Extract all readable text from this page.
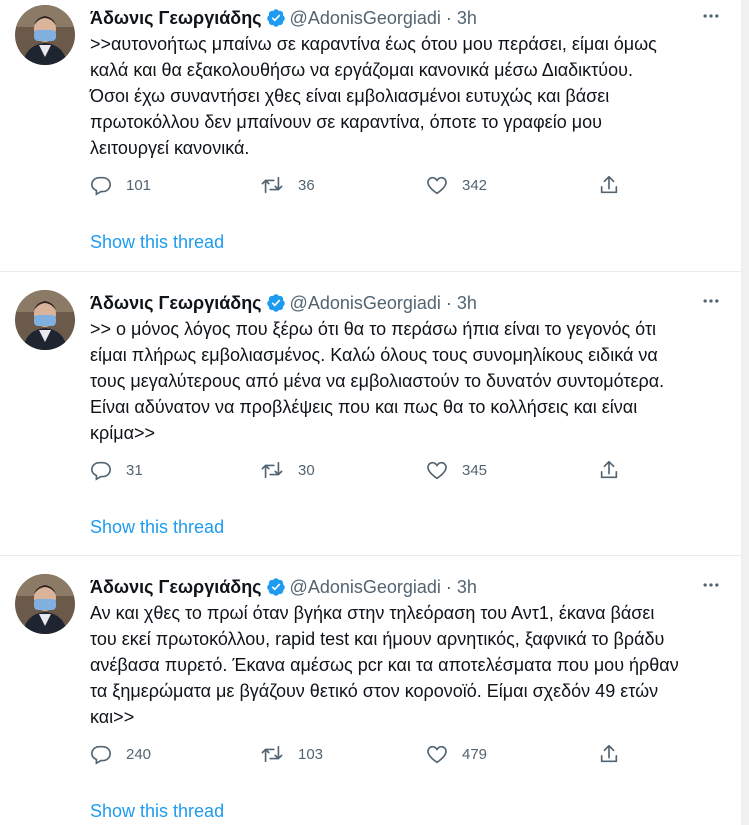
Άδωνις Γεωργιάδης @AdonisGeorgiadi · 3h
>>αυτονοήτως μπαίνω σε καραντίνα έως ότου μου περάσει, είμαι όμως
καλά και θα εξακολουθήσω να εργάζομαι κανονικά μέσω Διαδικτύου.
Όσοι έχω συναντήσει χθες είναι εμβολιασμένοι ευτυχώς και βάσει
πρωτοκόλλου δεν μπαίνουν σε καραντίνα, όποτε το γραφείο μου
λειτουργεί κανονικά.
101	36	342
Show this thread
Άδωνις Γεωργιάδης @AdonisGeorgiadi · 3h
>> ο μόνος λόγος που ξέρω ότι θα το περάσω ήπια είναι το γεγονός ότι
είμαι πλήρως εμβολιασμένος. Καλώ όλους τους συνομηλίκους ειδικά να
τους μεγαλύτερους από μένα να εμβολιαστούν το δυνατόν συντομότερα.
Είναι αδύνατον να προβλέψεις που και πως θα το κολλήσεις και είναι
κρίμα>>
31	30	345
Show this thread
Άδωνις Γεωργιάδης @AdonisGeorgiadi · 3h
Αν και χθες το πρωί όταν βγήκα στην τηλεόραση του Αντ1, έκανα βάσει
του εκεί πρωτοκόλλου, rapid test και ήμουν αρνητικός, ξαφνικά το βράδυ
ανέβασα πυρετό. Έκανα αμέσως pcr και τα αποτελέσματα που μου ήρθαν
τα ξημερώματα με βγάζουν θετικό στον κορονοϊό. Είμαι σχεδόν 49 ετών
και>>
240	103	479
Show this thread
